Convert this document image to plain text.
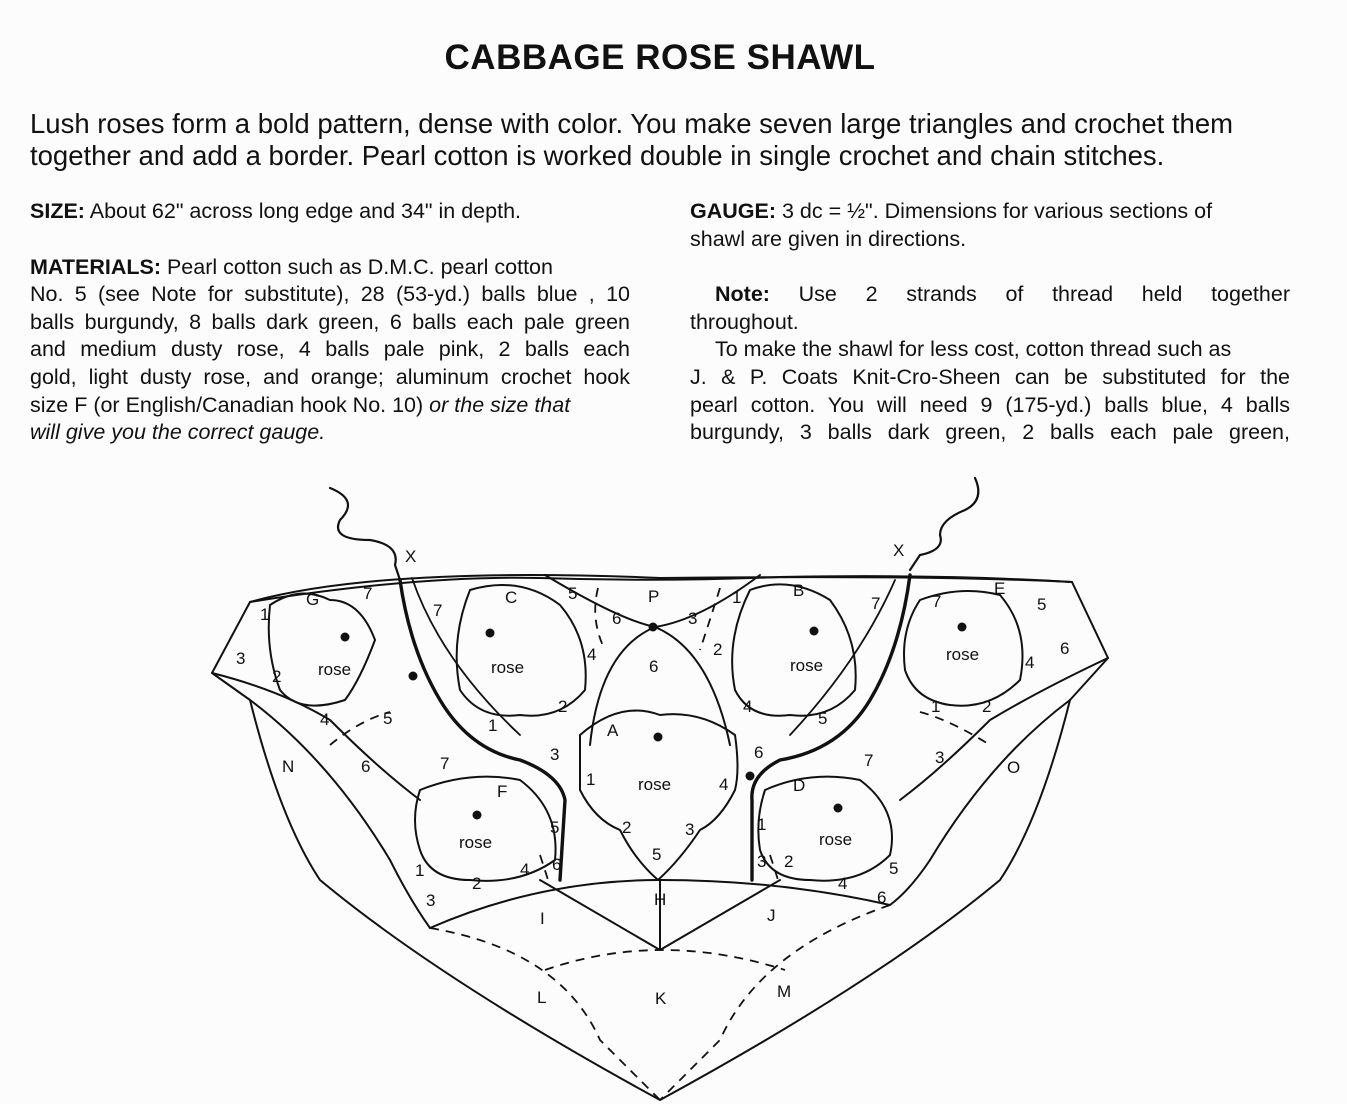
CABBAGE ROSE SHAWL
Lush roses form a bold pattern, dense with color. You make seven large triangles and crochet them
together and add a border. Pearl cotton is worked double in single crochet and chain stitches.
SIZE: About 62" across long edge and 34" in depth.
MATERIALS: Pearl cotton such as D.M.C. pearl cotton
No. 5 (see Note for substitute), 28 (53-yd.) balls blue , 10
balls burgundy, 8 balls dark green, 6 balls each pale green
and medium dusty rose, 4 balls pale pink, 2 balls each
gold, light dusty rose, and orange; aluminum crochet hook
size F (or English/Canadian hook No. 10) or the size that
will give you the correct gauge.
GAUGE: 3 dc = ½". Dimensions for various sections of
shawl are given in directions.
Note: Use 2 strands of thread held together
throughout.
To make the shawl for less cost, cotton thread such as
J. & P. Coats Knit-Cro-Sheen can be substituted for the
pearl cotton. You will need 9 (175-yd.) balls blue, 4 balls
burgundy, 3 balls dark green, 2 balls each pale green,
rose	rose	rose
rose
rose
rose	rose
X	X
G	C	P	B	E
A
F	D
N	O
H
I	J
L	K	M
7
1
3
2
4	5
6
7
7
5
6
4
6
2
1
3
1	4
2	3
5
3
1
2
4
5
6	7
7	7	5
6
4
1 2
3
5
4 6
1
2
3
1
3 2
4
5
6
